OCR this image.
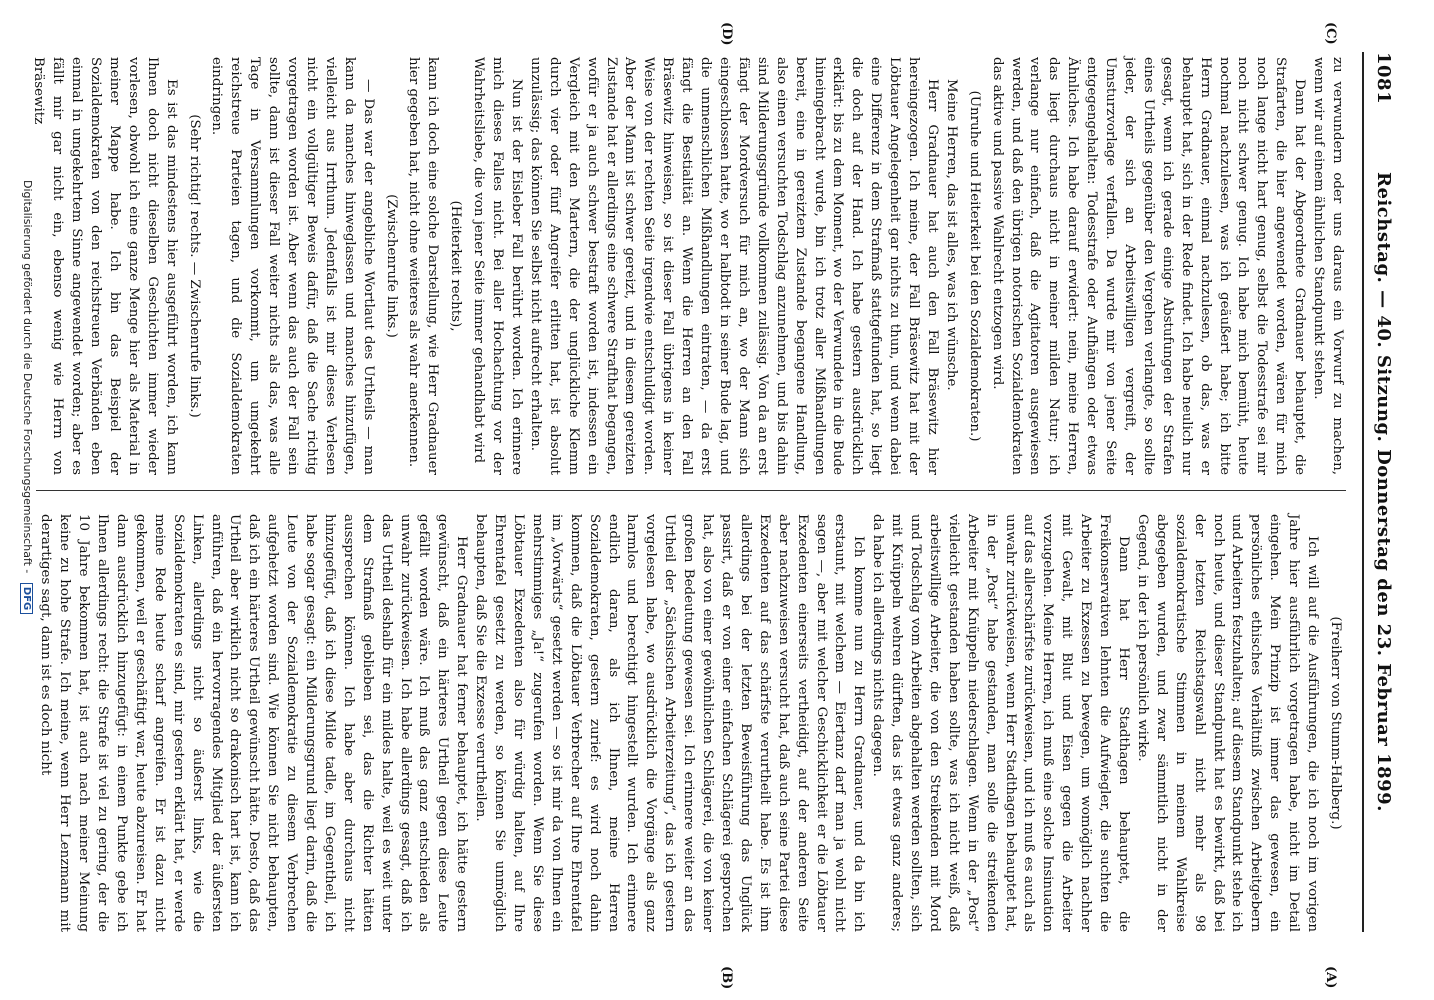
1081
Reichstag. — 40. Sitzung. Donnerstag den 23. Februar 1899.
(C)
(D)
(A)
(B)

zu verwundern oder uns daraus ein Vorwurf zu machen, wenn wir auf einem ähnlichen Standpunkt stehen.

Dann hat der Abgeordnete Gradnauer behauptet, die Strafarten, die hier angewendet worden, wären für mich noch lange nicht hart genug, selbst die Todesstrafe sei mir noch nicht schwer genug. Ich habe mich bemüht, heute nochmal nachzulesen, was ich geäußert habe; ich bitte Herrn Gradnauer, einmal nachzulesen, ob das, was er behauptet hat, sich in der Rede findet. Ich habe neulich nur gesagt, wenn ich gerade einige Abstufungen der Strafen eines Urtheils gegenüber den Vergehen verlangte, so sollte jeder, der sich an Arbeitswilligen vergreift, der Umsturzvorlage verfallen. Da wurde mir von jener Seite entgegengehalten: Todesstrafe oder Aufhängen oder etwas Ähnliches. Ich habe darauf erwidert: nein, meine Herren, das liegt durchaus nicht in meiner milden Natur; ich verlange nur einfach, daß die Agitatoren ausgewiesen werden, und daß den übrigen notorischen Sozialdemokraten das aktive und passive Wahlrecht entzogen wird.

(Unruhe und Heiterkeit bei den Sozialdemokraten.)

Meine Herren, das ist alles, was ich wünsche.

Herr Gradnauer hat auch den Fall Bräsewitz hier hereingezogen. Ich meine, der Fall Bräsewitz hat mit der Löbtauer Angelegenheit gar nichts zu thun, und wenn dabei eine Differenz in dem Strafmaß stattgefunden hat, so liegt die doch auf der Hand. Ich habe gestern ausdrücklich erklärt: bis zu dem Moment, wo der Verwundete in die Bude hineingebracht wurde, bin ich trotz aller Mißhandlungen bereit, eine in gereiztem Zustande begangene Handlung, also einen versuchten Todschlag anzunehmen, und bis dahin sind Milderungsgründe vollkommen zulässig. Von da an erst fängt der Mordversuch für mich an, wo der Mann sich eingeschlossen hatte, wo er halbtodt in seiner Bude lag, und die unmenschlichen Mißhandlungen eintraten, — da erst fängt die Bestialität an. Wenn die Herren an den Fall Bräsewitz hinweisen, so ist dieser Fall übrigens in keiner Weise von der rechten Seite irgendwie entschuldigt worden. Aber der Mann ist schwer gereizt, und in diesem gereizten Zustande hat er allerdings eine schwere Strafthat begangen, wofür er ja auch schwer bestraft worden ist, indessen ein Vergleich mit den Martern, die der unglückliche Klemm durch vier oder fünf Angreifer erlitten hat, ist absolut unzulässig; das können Sie selbst nicht aufrecht erhalten.

Nun ist der Eisleber Fall berührt worden. Ich erinnere mich dieses Falles nicht. Bei aller Hochachtung vor der Wahrheitsliebe, die von jener Seite immer gehandhabt wird

(Heiterkeit rechts),

kann ich doch eine solche Darstellung, wie Herr Gradnauer hier gegeben hat, nicht ohne weiteres als wahr anerkennen.

(Zwischenrufe links.)

— Das war der angebliche Wortlaut des Urtheils — man kann da manches hinweglassen und manches hinzufügen, vielleicht aus Irrthum. Jedenfalls ist mir dieses Verlesen nicht ein vollgültiger Beweis dafür, daß die Sache richtig vorgetragen worden ist. Aber wenn das auch der Fall sein sollte, dann ist dieser Fall weiter nichts als das, was alle Tage in Versammlungen vorkommt, um umgekehrt reichstreue Parteien tagen, und die Sozialdemokraten eindringen.

(Sehr richtig! rechts. — Zwischenrufe links.)

Es ist das mindestens hier ausgeführt worden, ich kann Ihnen doch nicht dieselben Geschichten immer wieder vorlesen, obwohl ich eine ganze Menge hier als Material in meiner Mappe habe. Ich bin das Beispiel der Sozialdemokraten von den reichstreuen Verbänden eben einmal in umgekehrtem Sinne angewendet worden; aber es fällt mir gar nicht ein, ebenso wenig wie Herrn von Bräsewitz

(Freiherr von Stumm-Halberg.)

Ich will auf die Ausführungen, die ich noch im vorigen Jahre hier ausführlich vorgetragen habe, nicht im Detail eingehen. Mein Prinzip ist immer das gewesen, ein persönliches ethisches Verhältniß zwischen Arbeitgebern und Arbeitern festzuhalten; auf diesem Standpunkt stehe ich noch heute, und dieser Standpunkt hat es bewirkt, daß bei der letzten Reichstagswahl nicht mehr als 98 sozialdemokratische Stimmen in meinem Wahlkreise abgegeben wurden, und zwar sämmtlich nicht in der Gegend, in der ich persönlich wirke.

Dann hat Herr Stadthagen behauptet, die Freikonservativen lehnten die Aufwiegler, die suchten die Arbeiter zu Exzessen zu bewegen, um womöglich nachher mit Gewalt, mit Blut und Eisen gegen die Arbeiter vorzugehen. Meine Herren, ich muß eine solche Insinuation auf das allerschärfste zurückweisen, und ich muß es auch als unwahr zurückweisen, wenn Herr Stadthagen behauptet hat, in der „Post“ habe gestanden, man solle die streikenden Arbeiter mit Knüppeln niederschlagen. Wenn in der „Post“ vielleicht gestanden haben sollte, was ich nicht weiß, daß arbeitswillige Arbeiter, die von den Streikenden mit Mord und Todschlag vom Arbeiten abgehalten werden sollten, sich mit Knüppeln wehren dürften, das ist etwas ganz anderes; da habe ich allerdings nichts dagegen.

Ich komme nun zu Herrn Gradnauer, und da bin ich erstaunt, mit welchem — Eiertanz darf man ja wohl nicht sagen —, aber mit welcher Geschicklichkeit er die Löbtauer Exzedenten einerseits vertheidigt, auf der anderen Seite aber nachzuweisen versucht hat, daß auch seine Partei diese Exzedenten auf das schärfste verurtheilt habe. Es ist ihm allerdings bei der letzten Beweisführung das Unglück passirt, daß er von einer einfachen Schlägerei gesprochen hat, also von einer gewöhnlichen Schlägerei, die von keiner großen Bedeutung gewesen sei. Ich erinnere weiter an das Urtheil der „Sächsischen Arbeiterzeitung“, das ich gestern vorgelesen habe, wo ausdrücklich die Vorgänge als ganz harmlos und berechtigt hingestellt wurden. Ich erinnere endlich daran, als ich Ihnen, meine Herren Sozialdemokraten, gestern zurief: es wird noch dahin kommen, daß die Löbtauer Verbrecher auf Ihre Ehrentafel im „Vorwärts“ gesetzt werden — so ist mir da von Ihnen ein mehrstimmiges „Ja!“ zugerufen worden. Wenn Sie diese Löbtauer Exzedenten also für würdig halten, auf Ihre Ehrentafel gesetzt zu werden, so können Sie unmöglich behaupten, daß Sie die Exzesse verurtheilen.

Herr Gradnauer hat ferner behauptet, ich hätte gestern gewünscht, daß ein härteres Urtheil gegen diese Leute gefällt worden wäre. Ich muß das ganz entschieden als unwahr zurückweisen. Ich habe allerdings gesagt, daß ich das Urtheil deshalb für ein mildes halte, weil es weit unter dem Strafmaß geblieben sei, das die Richter hätten aussprechen können. Ich habe aber durchaus nicht hinzugefügt, daß ich diese Milde tadle, im Gegentheil, ich habe sogar gesagt: ein Milderungsgrund liegt darin, daß die Leute von der Sozialdemokratie zu diesem Verbrechen aufgehetzt worden sind. Wie können Sie nicht behaupten, daß ich ein härteres Urtheil gewünscht hätte. Desto, daß das Urtheil aber wirklich nicht so drakonisch hart ist, kann ich anführen, daß ein hervorragendes Mitglied der äußersten Linken, allerdings nicht so äußerst links, wie die Sozialdemokraten es sind, mir gestern erklärt hat, er werde meine Rede heute scharf angreifen. Er ist dazu nicht gekommen, weil er geschäftigt war, heute abzureisen. Er hat dann ausdrücklich hinzugefügt: in einem Punkte gebe ich Ihnen allerdings recht: die Strafe ist viel zu gering, der die 10 Jahre bekommen hat, ist auch nach meiner Meinung keine zu hohe Strafe. Ich meine, wenn Herr Lenzmann mit derartiges sagt, dann ist es doch nicht

Digitalisierung gefördert durch die Deutsche Forschungsgemeinschaft - DFG
